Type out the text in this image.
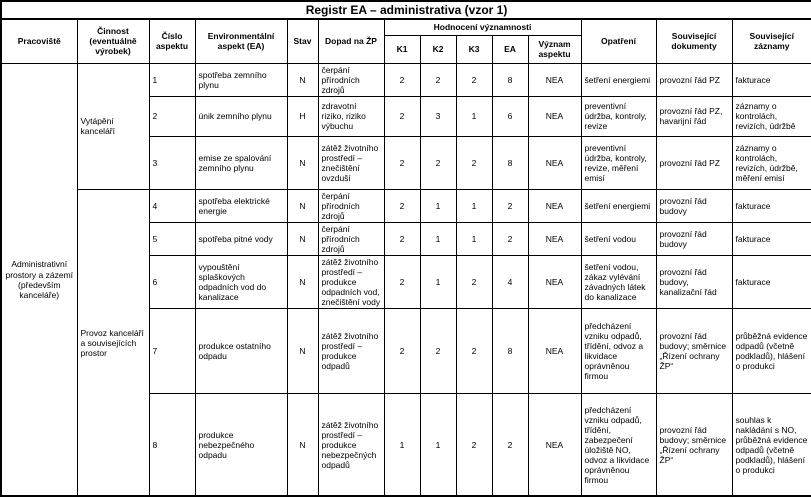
Registr EA – administrativa (vzor 1)													
Pracoviště	Činnost (eventuálně výrobek)	Číslo aspektu	Environmentální aspekt (EA)	Stav	Dopad na ŽP	Hodnocení významnosti					Opatření	Související dokumenty	Související záznamy
						K1	K2	K3	EA	Význam aspektu			
Administrativní prostory a zázemí (především kanceláře)	Vytápění kanceláří	1	spotřeba zemního plynu	N	čerpání přírodních zdrojů	2	2	2	8	NEA	šetření energiemi	provozní řád PZ	fakturace
		2	únik zemního plynu	H	zdravotní riziko, riziko výbuchu	2	3	1	6	NEA	preventivní údržba, kontroly, revize	provozní řád PZ, havarijní řád	záznamy o kontrolách, revizích, údržbě
		3	emise ze spalování zemního plynu	N	zátěž životního prostředí – znečištění ovzduší	2	2	2	8	NEA	preventivní údržba, kontroly, revize, měření emisí	provozní řád PZ	záznamy o kontrolách, revizích, údržbě, měření emisí
	Provoz kanceláří a souvisejících prostor	4	spotřeba elektrické energie	N	čerpání přírodních zdrojů	2	1	1	2	NEA	šetření energiemi	provozní řád budovy	fakturace
		5	spotřeba pitné vody	N	čerpání přírodních zdrojů	2	1	1	2	NEA	šetření vodou	provozní řád budovy	fakturace
		6	vypouštění splaškových odpadních vod do kanalizace	N	zátěž životního prostředí – produkce odpadních vod, znečištění vody	2	1	2	4	NEA	šetření vodou, zákaz vylévání závadných látek do kanalizace	provozní řád budovy, kanalizační řád	fakturace
		7	produkce ostatního odpadu	N	zátěž životního prostředí – produkce odpadů	2	2	2	8	NEA	předcházení vzniku odpadů, třídění, odvoz a likvidace oprávněnou firmou	provozní řád budovy; směrnice „Řízení ochrany ŽP“	průběžná evidence odpadů (včetně podkladů), hlášení o produkci
		8	produkce nebezpečného odpadu	N	zátěž životního prostředí – produkce nebezpečných odpadů	1	1	2	2	NEA	předcházení vzniku odpadů, třídění, zabezpečení úložiště NO, odvoz a likvidace oprávněnou firmou	provozní řád budovy; směrnice „Řízení ochrany ŽP“	souhlas k nakládání s NO, průběžná evidence odpadů (včetně podkladů), hlášení o produkci
